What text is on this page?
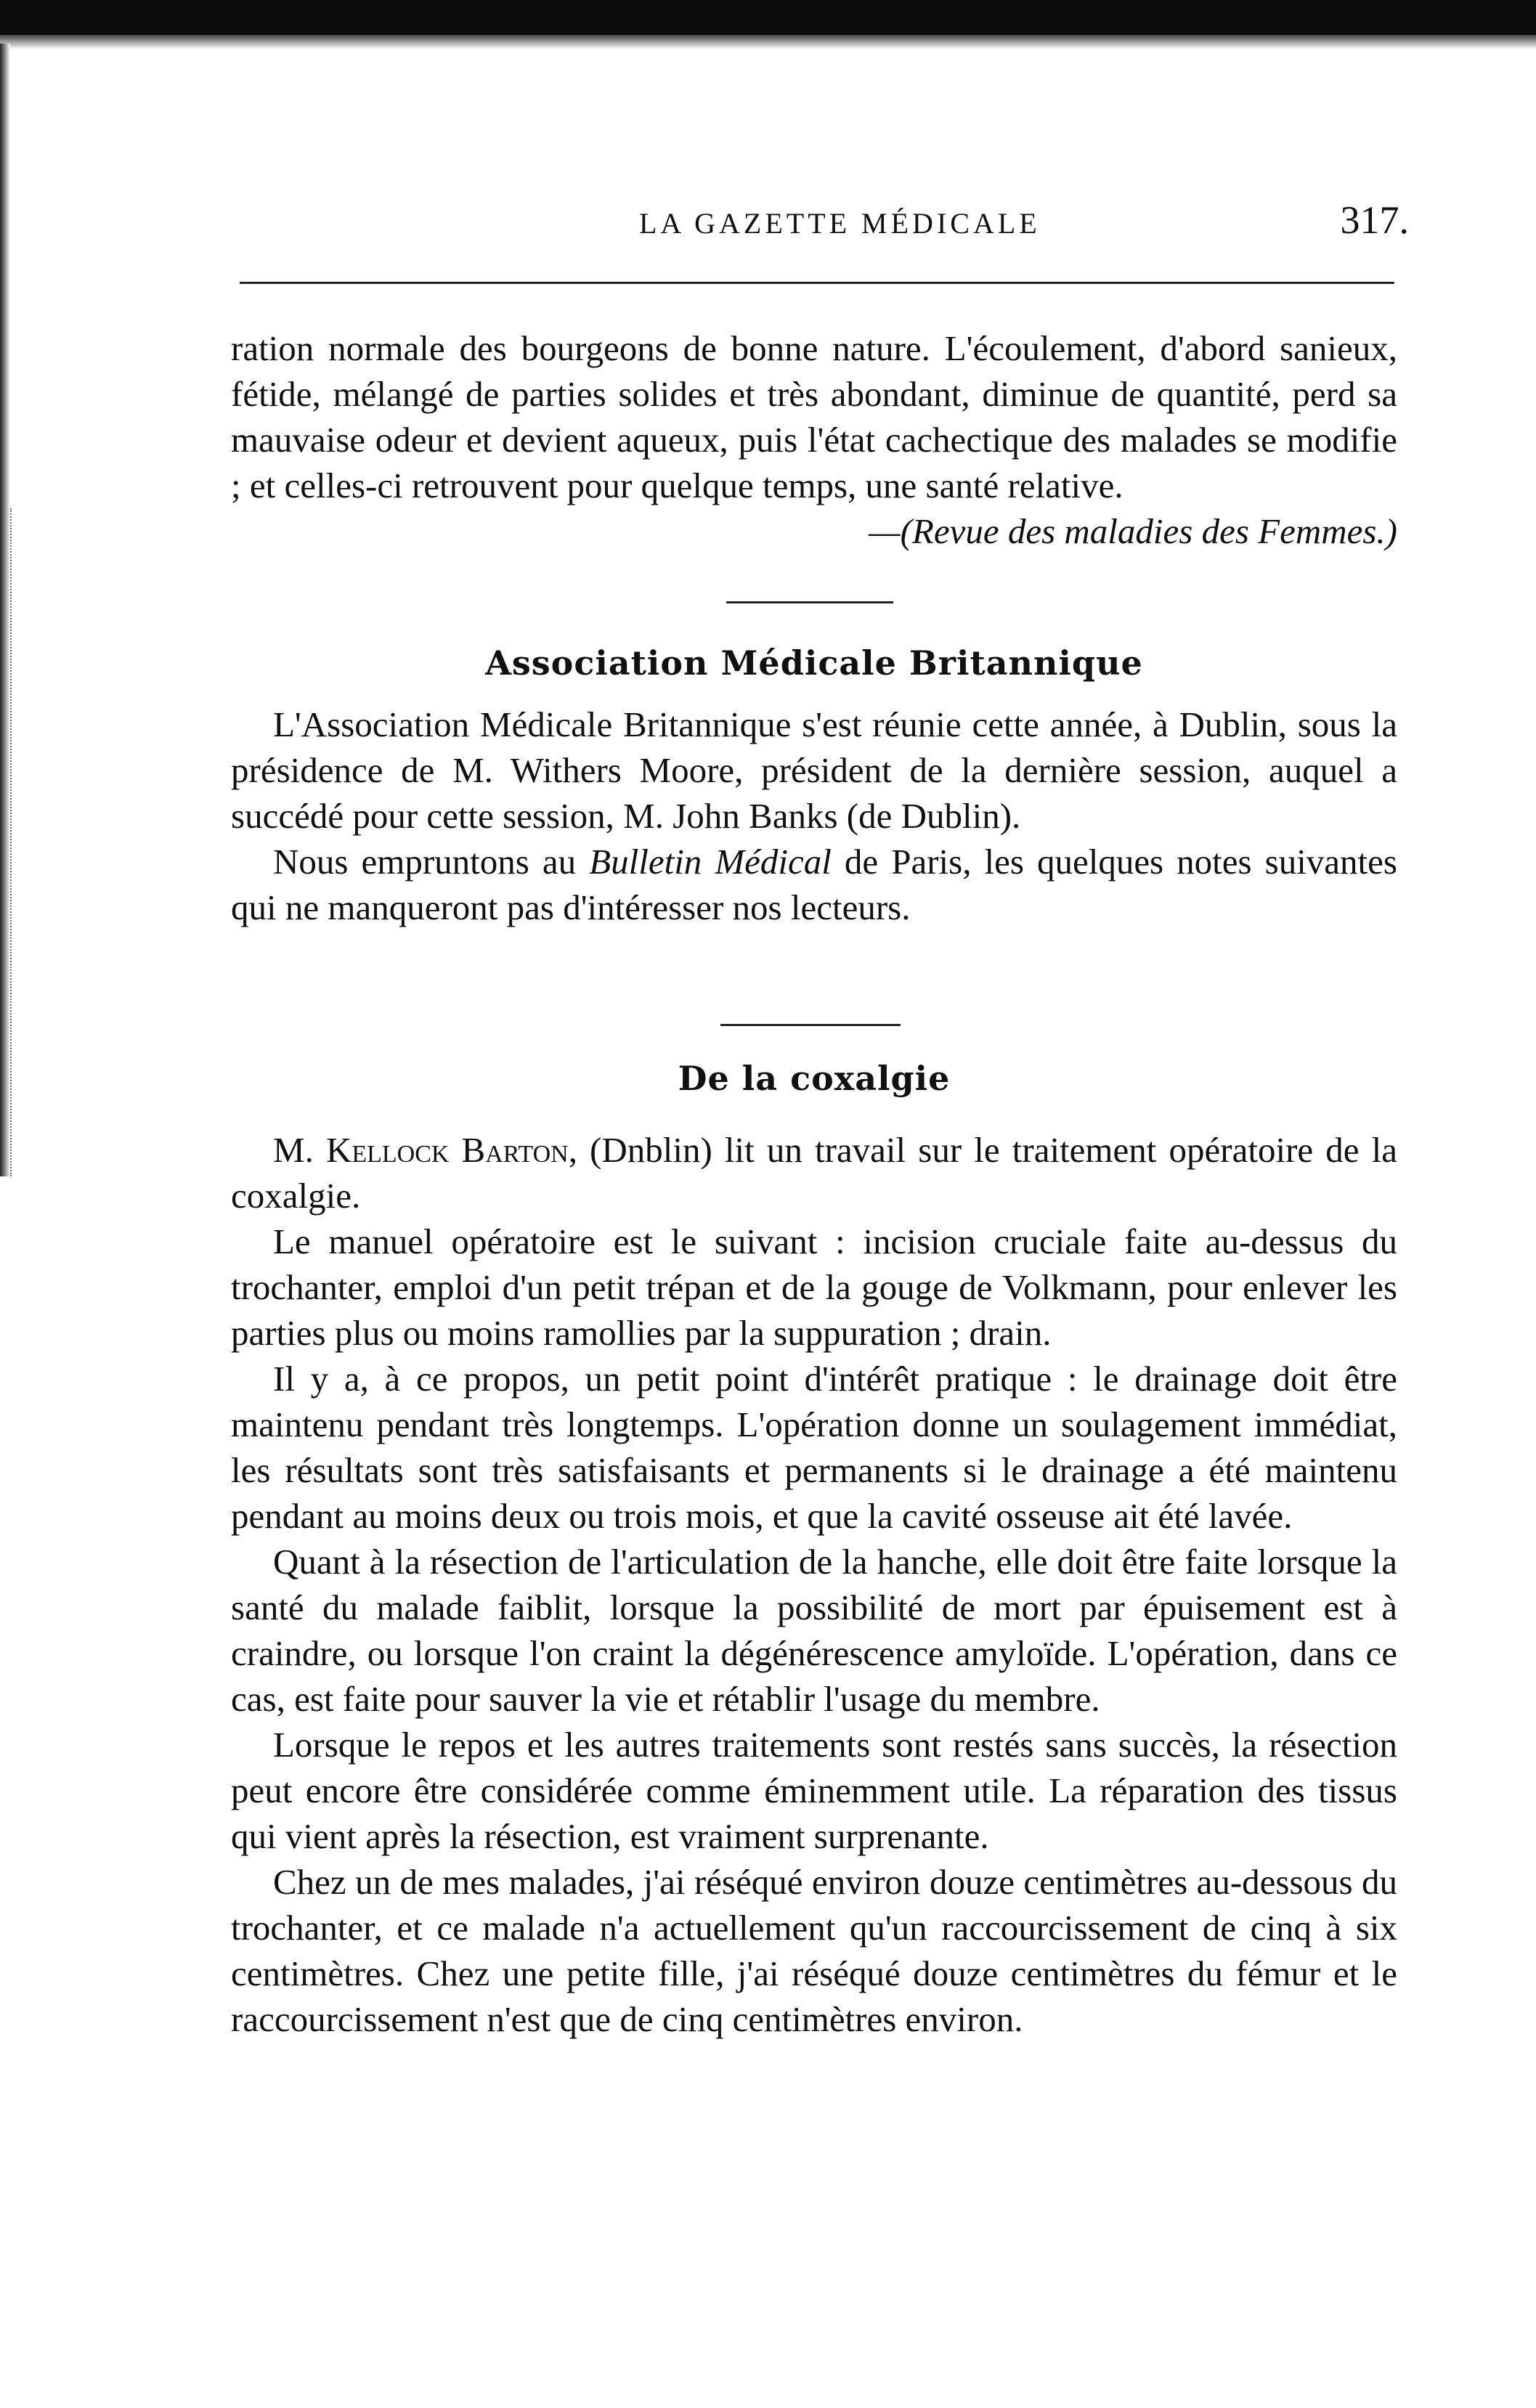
LA GAZETTE MÉDICALE	317.

ration normale des bourgeons de bonne nature. L'écoulement, d'abord sanieux, fétide, mélangé de parties solides et très abondant, diminue de quantité, perd sa mauvaise odeur et devient aqueux, puis l'état cachectique des malades se modifie ; et celles-ci retrouvent pour quelque temps, une santé relative.
—(Revue des maladies des Femmes.)

Association Médicale Britannique

L'Association Médicale Britannique s'est réunie cette année, à Dublin, sous la présidence de M. Withers Moore, président de la dernière session, auquel a succédé pour cette session, M. John Banks (de Dublin).

Nous empruntons au Bulletin Médical de Paris, les quelques notes suivantes qui ne manqueront pas d'intéresser nos lecteurs.

De la coxalgie

M. Kellock Barton, (Dnblin) lit un travail sur le traitement opératoire de la coxalgie.

Le manuel opératoire est le suivant : incision cruciale faite au-dessus du trochanter, emploi d'un petit trépan et de la gouge de Volkmann, pour enlever les parties plus ou moins ramollies par la suppuration ; drain.

Il y a, à ce propos, un petit point d'intérêt pratique : le drainage doit être maintenu pendant très longtemps. L'opération donne un soulagement immédiat, les résultats sont très satisfaisants et permanents si le drainage a été maintenu pendant au moins deux ou trois mois, et que la cavité osseuse ait été lavée.

Quant à la résection de l'articulation de la hanche, elle doit être faite lorsque la santé du malade faiblit, lorsque la possibilité de mort par épuisement est à craindre, ou lorsque l'on craint la dégénérescence amyloïde. L'opération, dans ce cas, est faite pour sauver la vie et rétablir l'usage du membre.

Lorsque le repos et les autres traitements sont restés sans succès, la résection peut encore être considérée comme éminemment utile. La réparation des tissus qui vient après la résection, est vraiment surprenante.

Chez un de mes malades, j'ai réséqué environ douze centimètres au-dessous du trochanter, et ce malade n'a actuellement qu'un raccourcissement de cinq à six centimètres. Chez une petite fille, j'ai réséqué douze centimètres du fémur et le raccourcissement n'est que de cinq centimètres environ.
